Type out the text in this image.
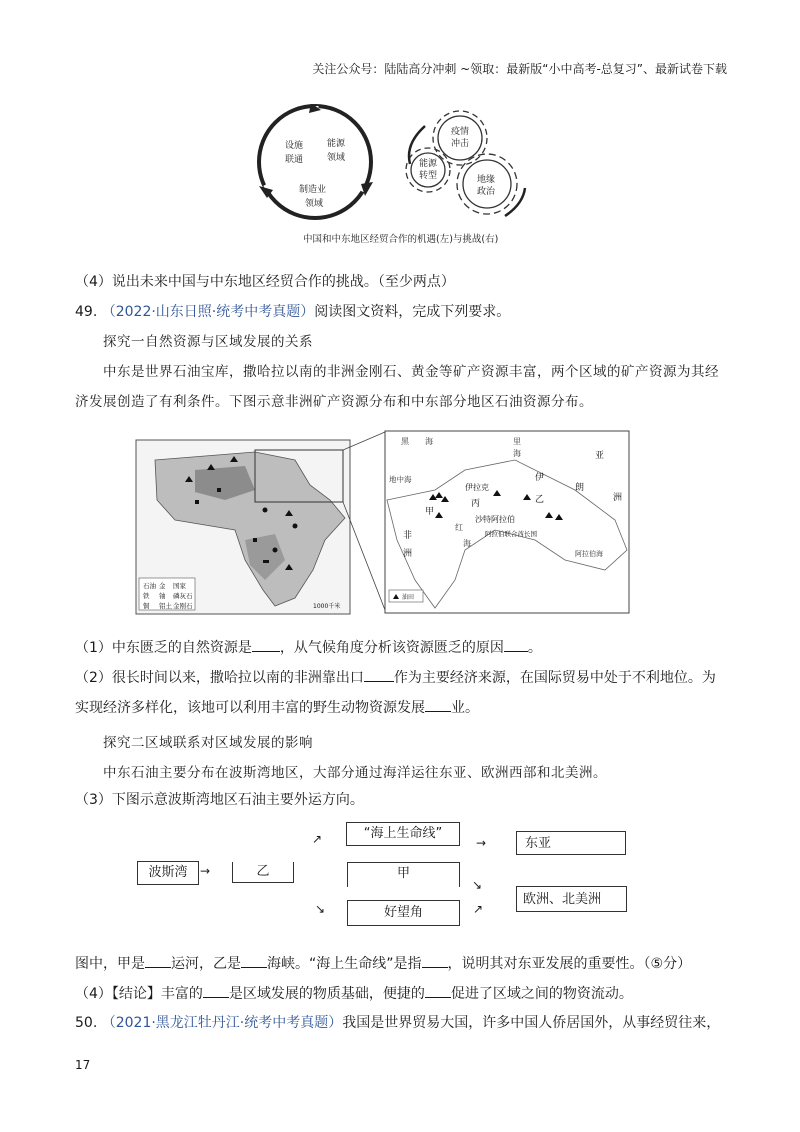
关注公众号：陆陆高分冲刺 ~领取：最新版“小中高考-总复习”、最新试卷下载
设施
联通
能源
领域
制造业
领域
疫情
冲击
能源
转型	地缘
政治
中国和中东地区经贸合作的机遇(左)与挑战(右)
（4）说出未来中国与中东地区经贸合作的挑战。（至少两点）
49. （2022·山东日照·统考中考真题）阅读图文资料，完成下列要求。
探究一自然资源与区域发展的关系
中东是世界石油宝库，撒哈拉以南的非洲金刚石、黄金等矿产资源丰富，两个区域的矿产资源为其经
济发展创造了有利条件。下图示意非洲矿产资源分布和中东部分地区石油资源分布。
石油 金 国家
铁 铀 磷灰石
铜 铝土 金刚石	1000千米
黑 海	里
海
地中海
伊拉克
伊
朗
甲
丙	乙
沙特阿拉伯
阿拉伯联合酋长国
红
海
非
洲
亚
洲
阿拉伯海
油田
（1）中东匮乏的自然资源是 ，从气候角度分析该资源匮乏的原因 。
（2）很长时间以来，撒哈拉以南的非洲靠出口 作为主要经济来源，在国际贸易中处于不利地位。为
实现经济多样化，该地可以利用丰富的野生动物资源发展 业。
探究二区域联系对区域发展的影响
中东石油主要分布在波斯湾地区，大部分通过海洋运往东亚、欧洲西部和北美洲。
（3）下图示意波斯湾地区石油主要外运方向。
波斯湾	→	乙
↗
↘
“海上生命线”
甲
好望角
→
↘
↗
东亚
欧洲、北美洲
图中，甲是 运河，乙是 海峡。“海上生命线”是指 ，说明其对东亚发展的重要性。（⑤分）
（4）【结论】丰富的 是区域发展的物质基础，便捷的 促进了区域之间的物资流动。
50. （2021·黑龙江牡丹江·统考中考真题）我国是世界贸易大国，许多中国人侨居国外，从事经贸往来，
17
